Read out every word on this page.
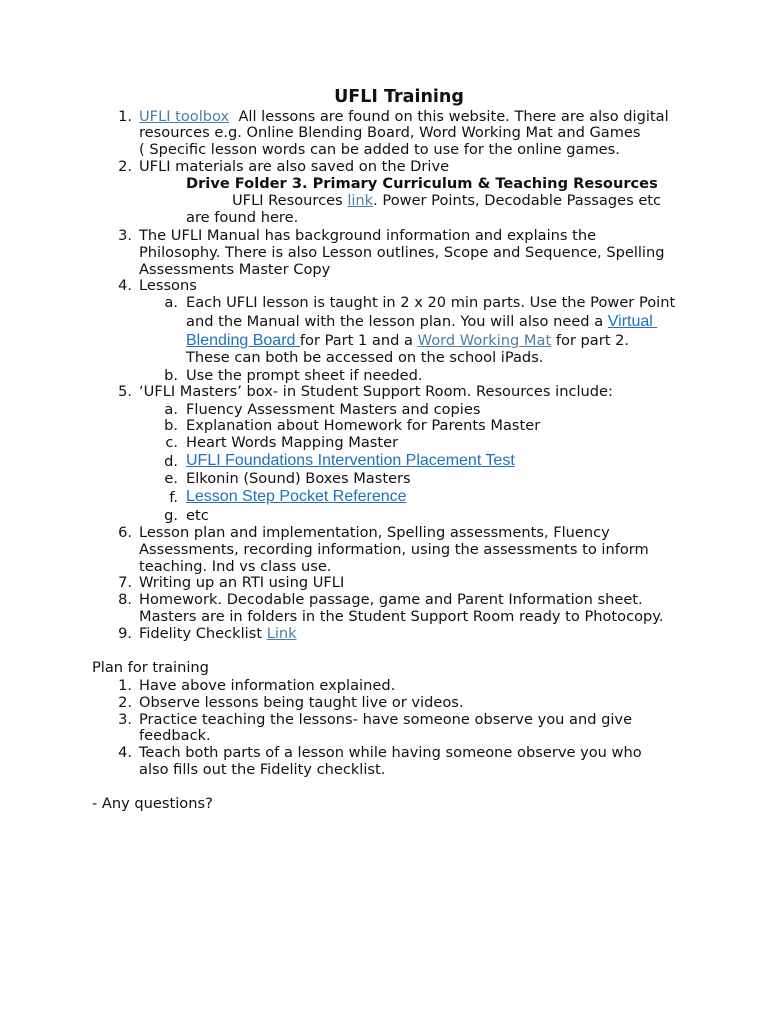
UFLI Training
1. UFLI toolbox  All lessons are found on this website. There are also digital
resources e.g. Online Blending Board, Word Working Mat and Games
( Specific lesson words can be added to use for the online games.
2. UFLI materials are also saved on the Drive
Drive Folder 3. Primary Curriculum & Teaching Resources
UFLI Resources link. Power Points, Decodable Passages etc
are found here.
3. The UFLI Manual has background information and explains the
Philosophy. There is also Lesson outlines, Scope and Sequence, Spelling
Assessments Master Copy
4. Lessons
a. Each UFLI lesson is taught in 2 x 20 min parts. Use the Power Point
and the Manual with the lesson plan. You will also need a Virtual
Blending Board for Part 1 and a Word Working Mat for part 2.
These can both be accessed on the school iPads.
b. Use the prompt sheet if needed.
5. ‘UFLI Masters’ box- in Student Support Room. Resources include:
a. Fluency Assessment Masters and copies
b. Explanation about Homework for Parents Master
c. Heart Words Mapping Master
d. UFLI Foundations Intervention Placement Test
e. Elkonin (Sound) Boxes Masters
f. Lesson Step Pocket Reference
g. etc
6. Lesson plan and implementation, Spelling assessments, Fluency
Assessments, recording information, using the assessments to inform
teaching. Ind vs class use.
7. Writing up an RTI using UFLI
8. Homework. Decodable passage, game and Parent Information sheet.
Masters are in folders in the Student Support Room ready to Photocopy.
9. Fidelity Checklist Link
Plan for training
1. Have above information explained.
2. Observe lessons being taught live or videos.
3. Practice teaching the lessons- have someone observe you and give
feedback.
4. Teach both parts of a lesson while having someone observe you who
also fills out the Fidelity checklist.
- Any questions?
